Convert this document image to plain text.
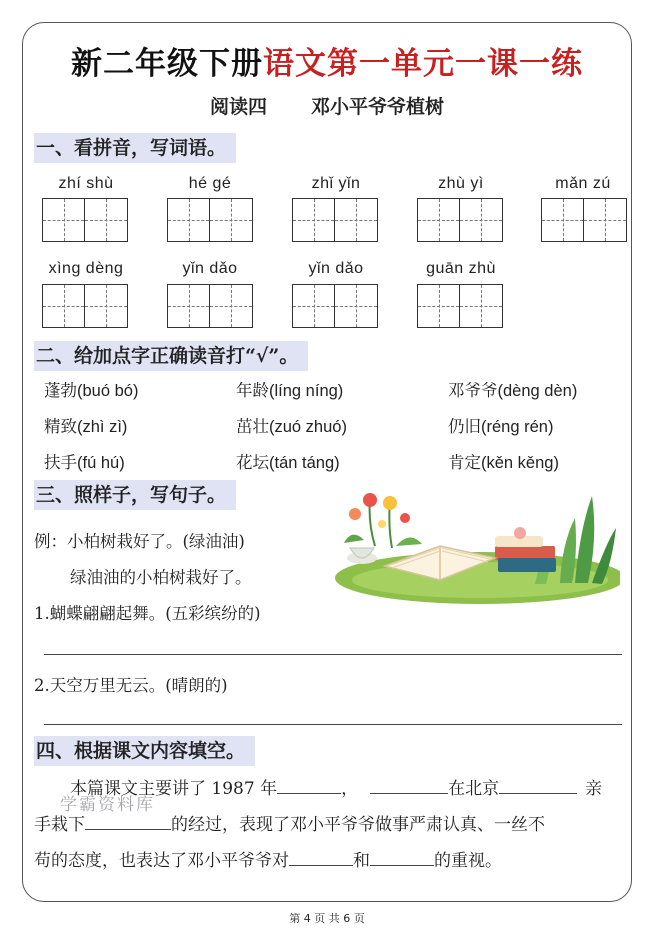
新二年级下册语文第一单元一课一练
阅读四 邓小平爷爷植树
一、看拼音，写词语。
zhí shù	hé gé	zhǐ yǐn	zhù yì	mǎn zú
xìng dèng	yǐn dǎo	yǐn dǎo	guān zhù
二、给加点字正确读音打“√”。
蓬勃(buó bó)	年龄(líng níng)	邓爷爷(dèng dèn)
精致(zhì zì)	茁壮(zuó zhuó)	仍旧(réng rén)
扶手(fú hú)	花坛(tán táng)	肯定(kěn kěng)
三、照样子，写句子。
例：小柏树栽好了。(绿油油)
绿油油的小柏树栽好了。
1.蝴蝶翩翩起舞。(五彩缤纷的)
2.天空万里无云。(晴朗的)
四、根据课文内容填空。
本篇课文主要讲了 1987 年	，	在北京	亲
手栽下	的经过，表现了邓小平爷爷做事严肃认真、一丝不
苟的态度，也表达了邓小平爷爷对	和	的重视。
学霸资料库
第 4 页 共 6 页
